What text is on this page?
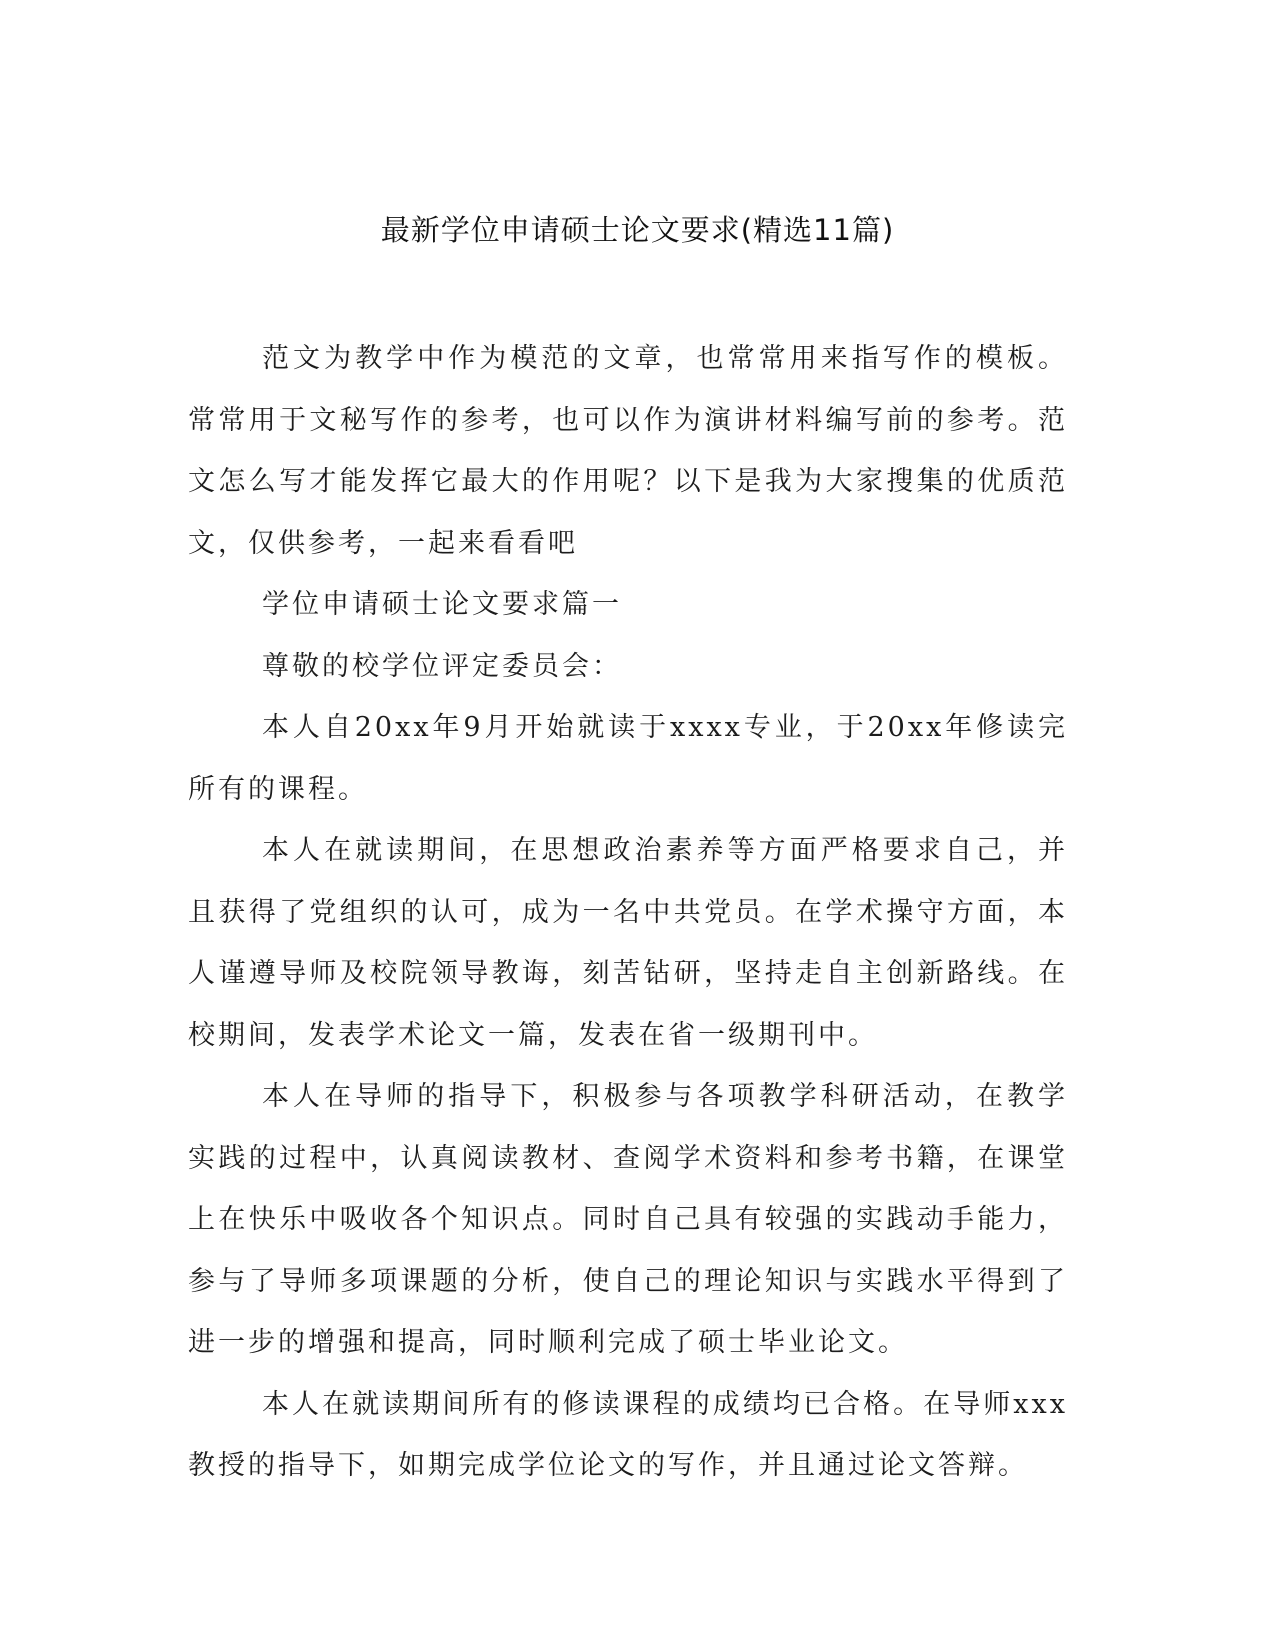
最新学位申请硕士论文要求(精选11篇)

范文为教学中作为模范的文章，也常常用来指写作的模板。常常用于文秘写作的参考，也可以作为演讲材料编写前的参考。范文怎么写才能发挥它最大的作用呢？以下是我为大家搜集的优质范文，仅供参考，一起来看看吧

学位申请硕士论文要求篇一

尊敬的校学位评定委员会：

本人自20xx年9月开始就读于xxxx专业，于20xx年修读完所有的课程。

本人在就读期间，在思想政治素养等方面严格要求自己，并且获得了党组织的认可，成为一名中共党员。在学术操守方面，本人谨遵导师及校院领导教诲，刻苦钻研，坚持走自主创新路线。在校期间，发表学术论文一篇，发表在省一级期刊中。

本人在导师的指导下，积极参与各项教学科研活动，在教学实践的过程中，认真阅读教材、查阅学术资料和参考书籍，在课堂上在快乐中吸收各个知识点。同时自己具有较强的实践动手能力，参与了导师多项课题的分析，使自己的理论知识与实践水平得到了进一步的增强和提高，同时顺利完成了硕士毕业论文。

本人在就读期间所有的修读课程的成绩均已合格。在导师xxx教授的指导下，如期完成学位论文的写作，并且通过论文答辩。
